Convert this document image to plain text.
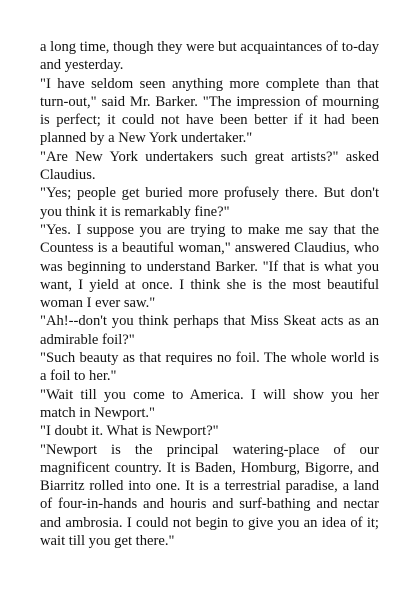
a long time, though they were but acquaintances of to-day and yesterday.

"I have seldom seen anything more complete than that turn-out," said Mr. Barker. "The impression of mourning is perfect; it could not have been better if it had been planned by a New York undertaker."

"Are New York undertakers such great artists?" asked Claudius.

"Yes; people get buried more profusely there. But don't you think it is remarkably fine?"

"Yes. I suppose you are trying to make me say that the Countess is a beautiful woman," answered Claudius, who was beginning to understand Barker. "If that is what you want, I yield at once. I think she is the most beautiful woman I ever saw."

"Ah!--don't you think perhaps that Miss Skeat acts as an admirable foil?"

"Such beauty as that requires no foil. The whole world is a foil to her."

"Wait till you come to America. I will show you her match in Newport."

"I doubt it. What is Newport?"

"Newport is the principal watering-place of our magnificent country. It is Baden, Homburg, Bigorre, and Biarritz rolled into one. It is a terrestrial paradise, a land of four-in-hands and houris and surf-bathing and nectar and ambrosia. I could not begin to give you an idea of it; wait till you get there."
